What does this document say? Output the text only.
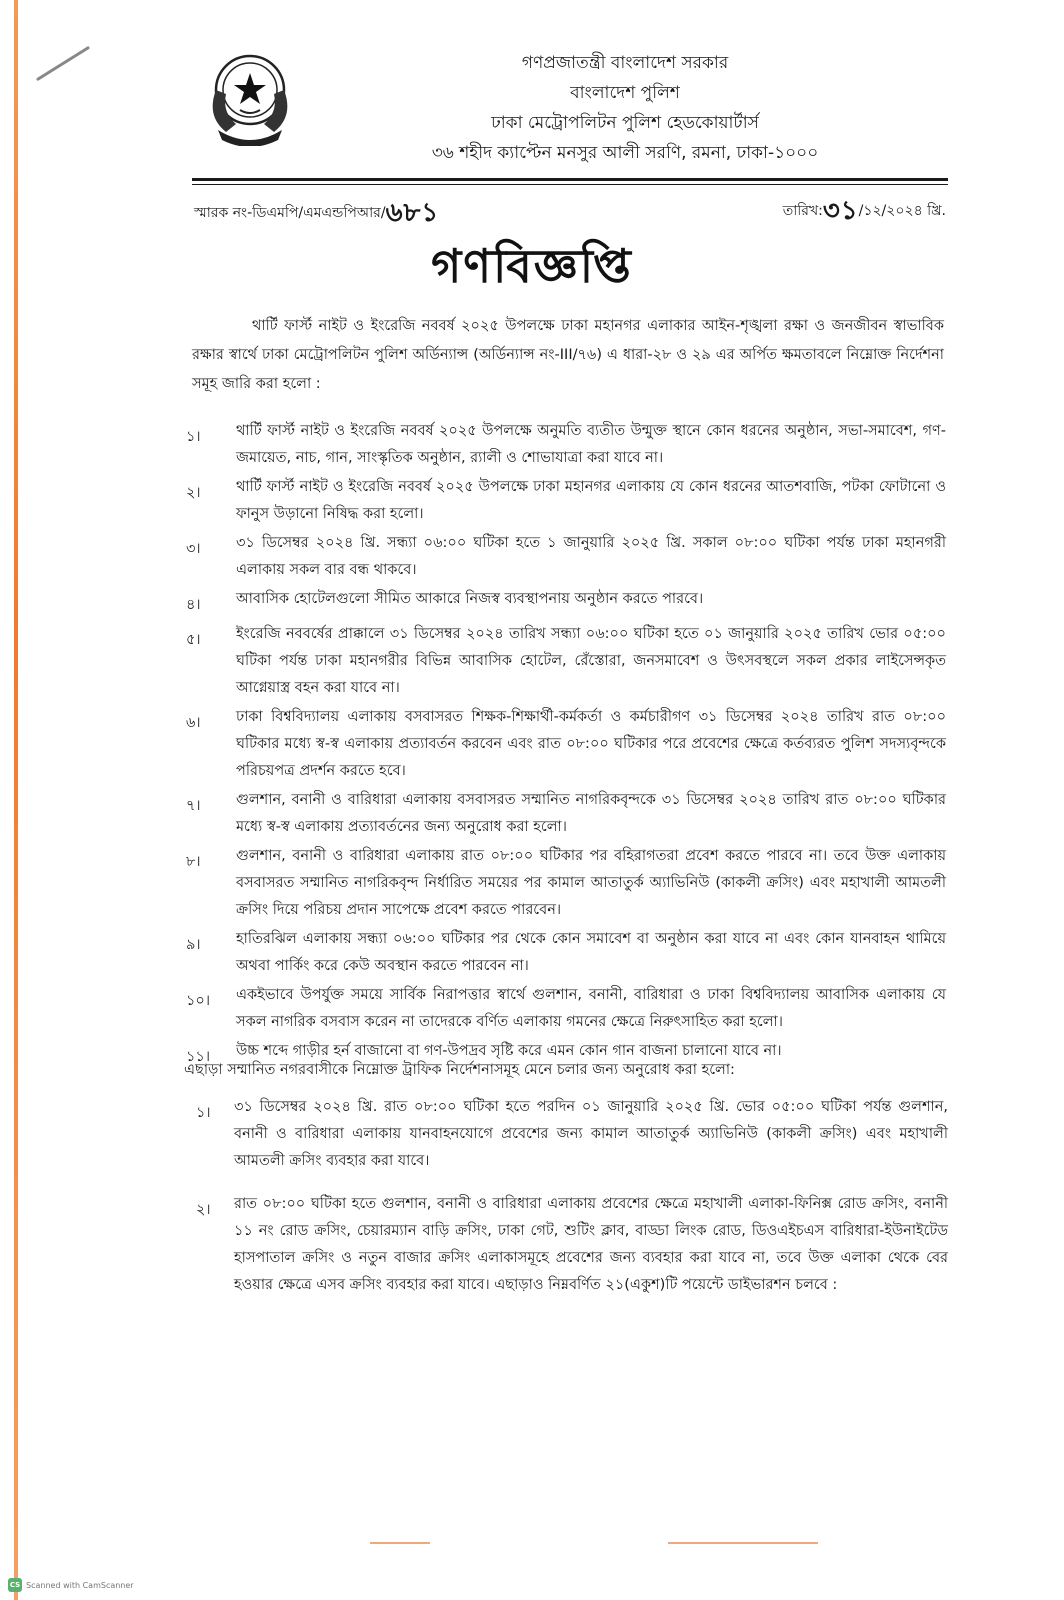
গণপ্রজাতন্ত্রী বাংলাদেশ সরকার
বাংলাদেশ পুলিশ
ঢাকা মেট্রোপলিটন পুলিশ হেডকোয়ার্টার্স
৩৬ শহীদ ক্যাপ্টেন মনসুর আলী সরণি, রমনা, ঢাকা-১০০০
স্মারক নং-ডিএমপি/এমএন্ডপিআর/৬৮১	তারিখ:৩১/১২/২০২৪ খ্রি.
গণবিজ্ঞপ্তি
থার্টি ফার্স্ট নাইট ও ইংরেজি নববর্ষ ২০২৫ উপলক্ষে ঢাকা মহানগর এলাকার আইন-শৃঙ্খলা রক্ষা ও জনজীবন স্বাভাবিক রক্ষার স্বার্থে ঢাকা মেট্রোপলিটন পুলিশ অর্ডিন্যান্স (অর্ডিন্যান্স নং-III/৭৬) এ ধারা-২৮ ও ২৯ এর অর্পিত ক্ষমতাবলে নিম্নোক্ত নির্দেশনা সমূহ জারি করা হলো :
১।	থার্টি ফার্স্ট নাইট ও ইংরেজি নববর্ষ ২০২৫ উপলক্ষে অনুমতি ব্যতীত উন্মুক্ত স্থানে কোন ধরনের অনুষ্ঠান, সভা-সমাবেশ, গণ-জমায়েত, নাচ, গান, সাংস্কৃতিক অনুষ্ঠান, র‍্যালী ও শোভাযাত্রা করা যাবে না।
২।	থার্টি ফার্স্ট নাইট ও ইংরেজি নববর্ষ ২০২৫ উপলক্ষে ঢাকা মহানগর এলাকায় যে কোন ধরনের আতশবাজি, পটকা ফোটানো ও ফানুস উড়ানো নিষিদ্ধ করা হলো।
৩।	৩১ ডিসেম্বর ২০২৪ খ্রি. সন্ধ্যা ০৬:০০ ঘটিকা হতে ১ জানুয়ারি ২০২৫ খ্রি. সকাল ০৮:০০ ঘটিকা পর্যন্ত ঢাকা মহানগরী এলাকায় সকল বার বন্ধ থাকবে।
৪।	আবাসিক হোটেলগুলো সীমিত আকারে নিজস্ব ব্যবস্থাপনায় অনুষ্ঠান করতে পারবে।
৫।	ইংরেজি নববর্ষের প্রাক্কালে ৩১ ডিসেম্বর ২০২৪ তারিখ সন্ধ্যা ০৬:০০ ঘটিকা হতে ০১ জানুয়ারি ২০২৫ তারিখ ভোর ০৫:০০ ঘটিকা পর্যন্ত ঢাকা মহানগরীর বিভিন্ন আবাসিক হোটেল, রেঁস্তোরা, জনসমাবেশ ও উৎসবস্থলে সকল প্রকার লাইসেন্সকৃত আগ্নেয়াস্ত্র বহন করা যাবে না।
৬।	ঢাকা বিশ্ববিদ্যালয় এলাকায় বসবাসরত শিক্ষক-শিক্ষার্থী-কর্মকর্তা ও কর্মচারীগণ ৩১ ডিসেম্বর ২০২৪ তারিখ রাত ০৮:০০ ঘটিকার মধ্যে স্ব-স্ব এলাকায় প্রত্যাবর্তন করবেন এবং রাত ০৮:০০ ঘটিকার পরে প্রবেশের ক্ষেত্রে কর্তব্যরত পুলিশ সদস্যবৃন্দকে পরিচয়পত্র প্রদর্শন করতে হবে।
৭।	গুলশান, বনানী ও বারিধারা এলাকায় বসবাসরত সম্মানিত নাগরিকবৃন্দকে ৩১ ডিসেম্বর ২০২৪ তারিখ রাত ০৮:০০ ঘটিকার মধ্যে স্ব-স্ব এলাকায় প্রত্যাবর্তনের জন্য অনুরোধ করা হলো।
৮।	গুলশান, বনানী ও বারিধারা এলাকায় রাত ০৮:০০ ঘটিকার পর বহিরাগতরা প্রবেশ করতে পারবে না। তবে উক্ত এলাকায় বসবাসরত সম্মানিত নাগরিকবৃন্দ নির্ধারিত সময়ের পর কামাল আতাতুর্ক অ্যাভিনিউ (কাকলী ক্রসিং) এবং মহাখালী আমতলী ক্রসিং দিয়ে পরিচয় প্রদান সাপেক্ষে প্রবেশ করতে পারবেন।
৯।	হাতিরঝিল এলাকায় সন্ধ্যা ০৬:০০ ঘটিকার পর থেকে কোন সমাবেশ বা অনুষ্ঠান করা যাবে না এবং কোন যানবাহন থামিয়ে অথবা পার্কিং করে কেউ অবস্থান করতে পারবেন না।
১০।	একইভাবে উপর্যুক্ত সময়ে সার্বিক নিরাপত্তার স্বার্থে গুলশান, বনানী, বারিধারা ও ঢাকা বিশ্ববিদ্যালয় আবাসিক এলাকায় যে সকল নাগরিক বসবাস করেন না তাদেরকে বর্ণিত এলাকায় গমনের ক্ষেত্রে নিরুৎসাহিত করা হলো।
১১।	উচ্চ শব্দে গাড়ীর হর্ন বাজানো বা গণ-উপদ্রব সৃষ্টি করে এমন কোন গান বাজনা চালানো যাবে না।
এছাড়া সম্মানিত নগরবাসীকে নিম্নোক্ত ট্রাফিক নির্দেশনাসমূহ মেনে চলার জন্য অনুরোধ করা হলো:
১।	৩১ ডিসেম্বর ২০২৪ খ্রি. রাত ০৮:০০ ঘটিকা হতে পরদিন ০১ জানুয়ারি ২০২৫ খ্রি. ভোর ০৫:০০ ঘটিকা পর্যন্ত গুলশান, বনানী ও বারিধারা এলাকায় যানবাহনযোগে প্রবেশের জন্য কামাল আতাতুর্ক অ্যাভিনিউ (কাকলী ক্রসিং) এবং মহাখালী আমতলী ক্রসিং ব্যবহার করা যাবে।
২।	রাত ০৮:০০ ঘটিকা হতে গুলশান, বনানী ও বারিধারা এলাকায় প্রবেশের ক্ষেত্রে মহাখালী এলাকা-ফিনিক্স রোড ক্রসিং, বনানী ১১ নং রোড ক্রসিং, চেয়ারম্যান বাড়ি ক্রসিং, ঢাকা গেট, শুটিং ক্লাব, বাড্ডা লিংক রোড, ডিওএইচএস বারিধারা-ইউনাইটেড হাসপাতাল ক্রসিং ও নতুন বাজার ক্রসিং এলাকাসমূহে প্রবেশের জন্য ব্যবহার করা যাবে না, তবে উক্ত এলাকা থেকে বের হওয়ার ক্ষেত্রে এসব ক্রসিং ব্যবহার করা যাবে। এছাড়াও নিম্নবর্ণিত ২১(একুশ)টি পয়েন্টে ডাইভারশন চলবে :
CS Scanned with CamScanner
